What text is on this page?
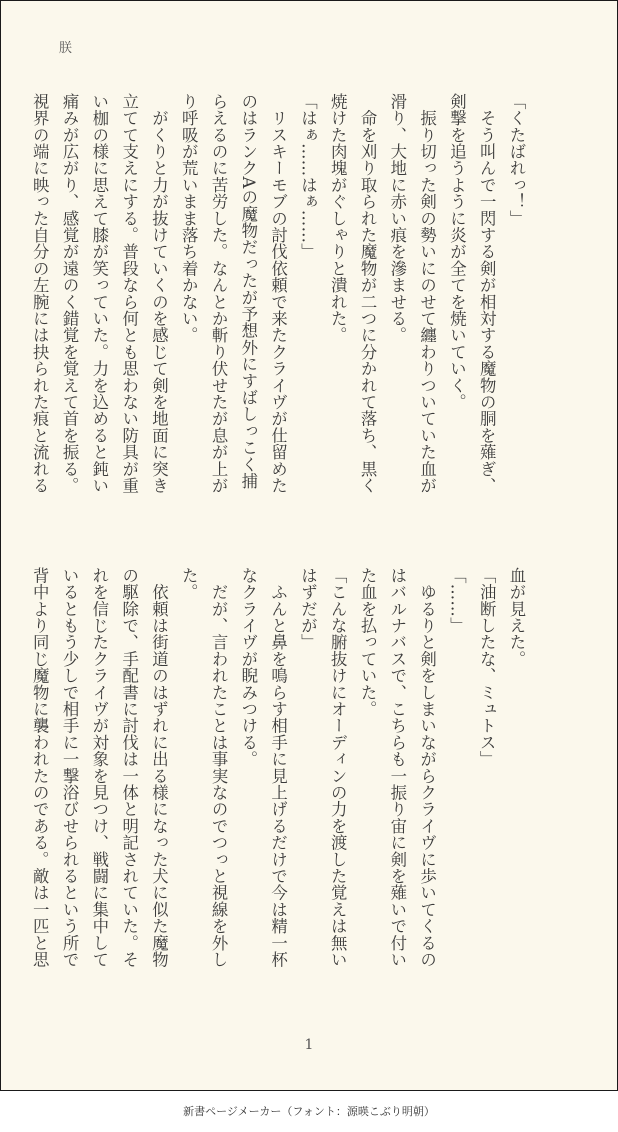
朕

「くたばれっ！」

　そう叫んで一閃する剣が相対する魔物の胴を薙ぎ、

剣撃を追うように炎が全てを焼いていく。

　振り切った剣の勢いにのせて纏わりついていた血が

滑り、大地に赤い痕を滲ませる。

　命を刈り取られた魔物が二つに分かれて落ち、黒く

焼けた肉塊がぐしゃりと潰れた。

「はぁ……はぁ……」

　リスキーモブの討伐依頼で来たクライヴが仕留めた

のはランクAの魔物だったが予想外にすばしっこく捕

らえるのに苦労した。なんとか斬り伏せたが息が上が

り呼吸が荒いまま落ち着かない。

　がくりと力が抜けていくのを感じて剣を地面に突き

立てて支えにする。普段なら何とも思わない防具が重

い枷の様に思えて膝が笑っていた。力を込めると鈍い

痛みが広がり、感覚が遠のく錯覚を覚えて首を振る。

視界の端に映った自分の左腕には抉られた痕と流れる

血が見えた。

「油断したな、ミュトス」

「……」

　ゆるりと剣をしまいながらクライヴに歩いてくるの

はバルナバスで、こちらも一振り宙に剣を薙いで付い

た血を払っていた。

「こんな腑抜けにオーディンの力を渡した覚えは無い

はずだが」

　ふんと鼻を鳴らす相手に見上げるだけで今は精一杯

なクライヴが睨みつける。

　だが、言われたことは事実なのでつっと視線を外し

た。

　依頼は街道のはずれに出る様になった犬に似た魔物

の駆除で、手配書に討伐は一体と明記されていた。そ

れを信じたクライヴが対象を見つけ、戦闘に集中して

いるともう少しで相手に一撃浴びせられるという所で

背中より同じ魔物に襲われたのである。敵は一匹と思

1
新書ページメーカー（フォント：源暎こぶり明朝）
